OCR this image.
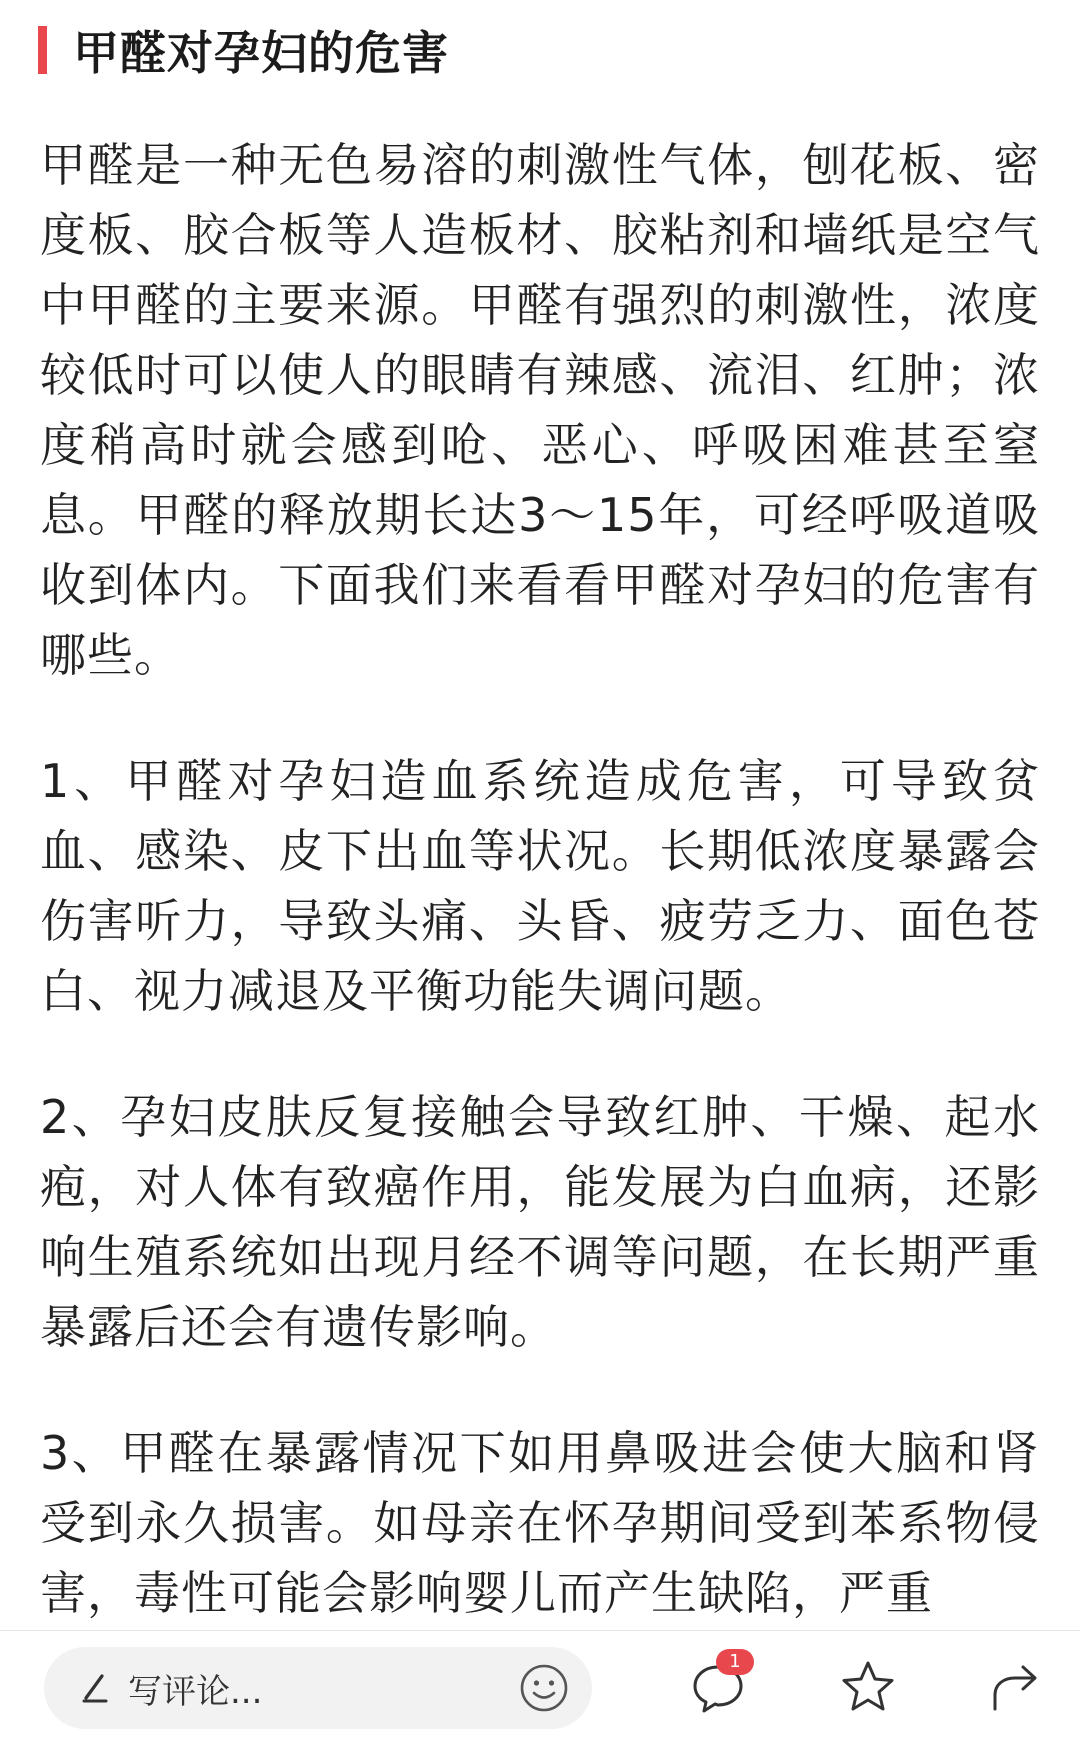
甲醛对孕妇的危害

甲醛是一种无色易溶的刺激性气体，刨花板、密度板、胶合板等人造板材、胶粘剂和墙纸是空气中甲醛的主要来源。甲醛有强烈的刺激性，浓度较低时可以使人的眼睛有辣感、流泪、红肿；浓度稍高时就会感到呛、恶心、呼吸困难甚至窒息。甲醛的释放期长达3～15年，可经呼吸道吸收到体内。下面我们来看看甲醛对孕妇的危害有哪些。

1、甲醛对孕妇造血系统造成危害，可导致贫血、感染、皮下出血等状况。长期低浓度暴露会伤害听力，导致头痛、头昏、疲劳乏力、面色苍白、视力减退及平衡功能失调问题。

2、孕妇皮肤反复接触会导致红肿、干燥、起水疱，对人体有致癌作用，能发展为白血病，还影响生殖系统如出现月经不调等问题，在长期严重暴露后还会有遗传影响。

3、甲醛在暴露情况下如用鼻吸进会使大脑和肾受到永久损害。如母亲在怀孕期间受到苯系物侵害，毒性可能会影响婴儿而产生缺陷，严重

写评论...
1
